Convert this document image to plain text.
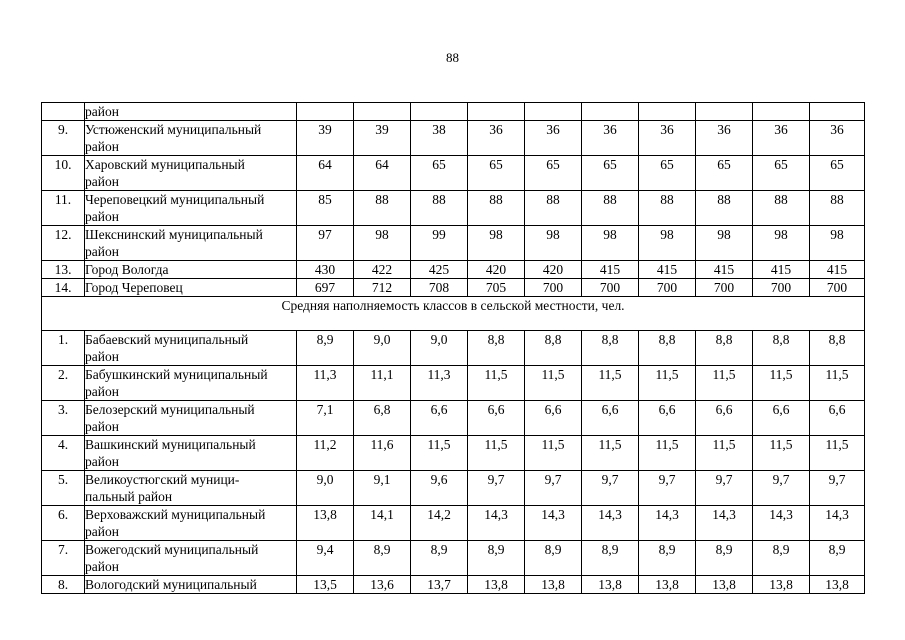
88

	район										

9.	Устюженский муниципальный
район	39	39	38	36	36	36	36	36	36	36
10.	Харовский муниципальный
район	64	64	65	65	65	65	65	65	65	65
11.	Череповецкий муниципальный
район	85	88	88	88	88	88	88	88	88	88
12.	Шекснинский муниципальный
район	97	98	99	98	98	98	98	98	98	98
13.	Город Вологда	430	422	425	420	420	415	415	415	415	415
14.	Город Череповец	697	712	708	705	700	700	700	700	700	700
Средняя наполняемость классов в сельской местности, чел.											
1.	Бабаевский муниципальный
район	8,9	9,0	9,0	8,8	8,8	8,8	8,8	8,8	8,8	8,8
2.	Бабушкинский муниципальный
район	11,3	11,1	11,3	11,5	11,5	11,5	11,5	11,5	11,5	11,5
3.	Белозерский муниципальный
район	7,1	6,8	6,6	6,6	6,6	6,6	6,6	6,6	6,6	6,6
4.	Вашкинский муниципальный
район	11,2	11,6	11,5	11,5	11,5	11,5	11,5	11,5	11,5	11,5
5.	Великоустюгский муници-
пальный район	9,0	9,1	9,6	9,7	9,7	9,7	9,7	9,7	9,7	9,7
6.	Верховажский муниципальный
район	13,8	14,1	14,2	14,3	14,3	14,3	14,3	14,3	14,3	14,3
7.	Вожегодский муниципальный
район	9,4	8,9	8,9	8,9	8,9	8,9	8,9	8,9	8,9	8,9
8.	Вологодский муниципальный	13,5	13,6	13,7	13,8	13,8	13,8	13,8	13,8	13,8	13,8
